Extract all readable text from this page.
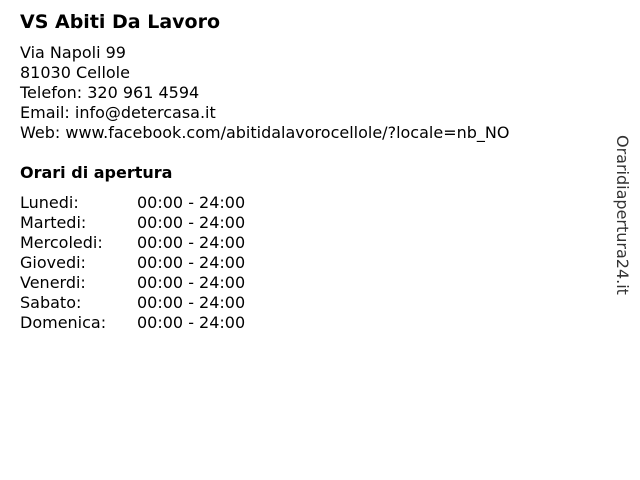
VS Abiti Da Lavoro
Via Napoli 99
81030 Cellole
Telefon: 320 961 4594
Email: info@detercasa.it
Web: www.facebook.com/abitidalavorocellole/?locale=nb_NO
Orari di apertura
Lunedi:	00:00 - 24:00
Martedi:	00:00 - 24:00
Mercoledi:	00:00 - 24:00
Giovedi:	00:00 - 24:00
Venerdi:	00:00 - 24:00
Sabato:	00:00 - 24:00
Domenica:	00:00 - 24:00
Oraridiapertura24.it
